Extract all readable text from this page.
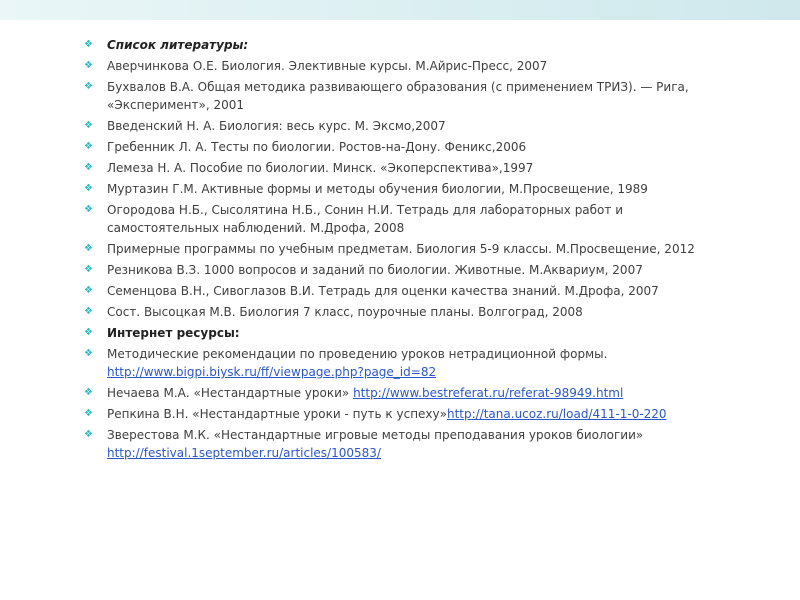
❖ Список литературы:
❖ Аверчинкова О.Е. Биология. Элективные курсы. М.Айрис-Пресс, 2007
❖ Бухвалов В.А. Общая методика развивающего образования (с применением ТРИЗ). — Рига, «Эксперимент», 2001
❖ Введенский Н. А. Биология: весь курс. М. Эксмо,2007
❖ Гребенник Л. А. Тесты по биологии. Ростов-на-Дону. Феникс,2006
❖ Лемеза Н. А. Пособие по биологии. Минск. «Экоперспектива»,1997
❖ Муртазин Г.М. Активные формы и методы обучения биологии, М.Просвещение, 1989
❖ Огородова Н.Б., Сысолятина Н.Б., Сонин Н.И. Тетрадь для лабораторных работ и самостоятельных наблюдений. М.Дрофа, 2008
❖ Примерные программы по учебным предметам. Биология 5-9 классы. М.Просвещение, 2012
❖ Резникова В.З. 1000 вопросов и заданий по биологии. Животные. М.Аквариум, 2007
❖ Семенцова В.Н., Сивоглазов В.И. Тетрадь для оценки качества знаний. М.Дрофа, 2007
❖ Сост. Высоцкая М.В. Биология 7 класс, поурочные планы. Волгоград, 2008
❖ Интернет ресурсы:
❖ Методические рекомендации по проведению уроков нетрадиционной формы. http://www.bigpi.biysk.ru/ff/viewpage.php?page_id=82
❖ Нечаева М.А. «Нестандартные уроки» http://www.bestreferat.ru/referat-98949.html
❖ Репкина В.Н. «Нестандартные уроки - путь к успеху»http://tana.ucoz.ru/load/411-1-0-220
❖ Зверестова М.К. «Нестандартные игровые методы преподавания уроков биологии» http://festival.1september.ru/articles/100583/
